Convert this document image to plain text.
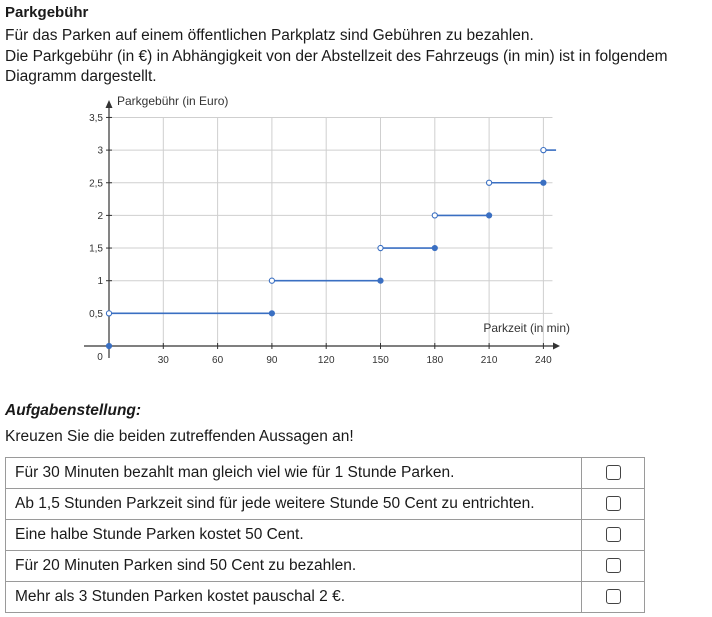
Parkgebühr
Für das Parken auf einem öffentlichen Parkplatz sind Gebühren zu bezahlen.
Die Parkgebühr (in €) in Abhängigkeit von der Abstellzeit des Fahrzeugs (in min) ist in folgendem
Diagramm dargestellt.
30	60	90	120	150	180	210	240
0,5
1
1,5
2
2,5
3
3,5
0
Parkgebühr (in Euro)
Parkzeit (in min)
Aufgabenstellung:
Kreuzen Sie die beiden zutreffenden Aussagen an!
Für 30 Minuten bezahlt man gleich viel wie für 1 Stunde Parken.	
Ab 1,5 Stunden Parkzeit sind für jede weitere Stunde 50 Cent zu entrichten.	
Eine halbe Stunde Parken kostet 50 Cent.	
Für 20 Minuten Parken sind 50 Cent zu bezahlen.	
Mehr als 3 Stunden Parken kostet pauschal 2 €.	
